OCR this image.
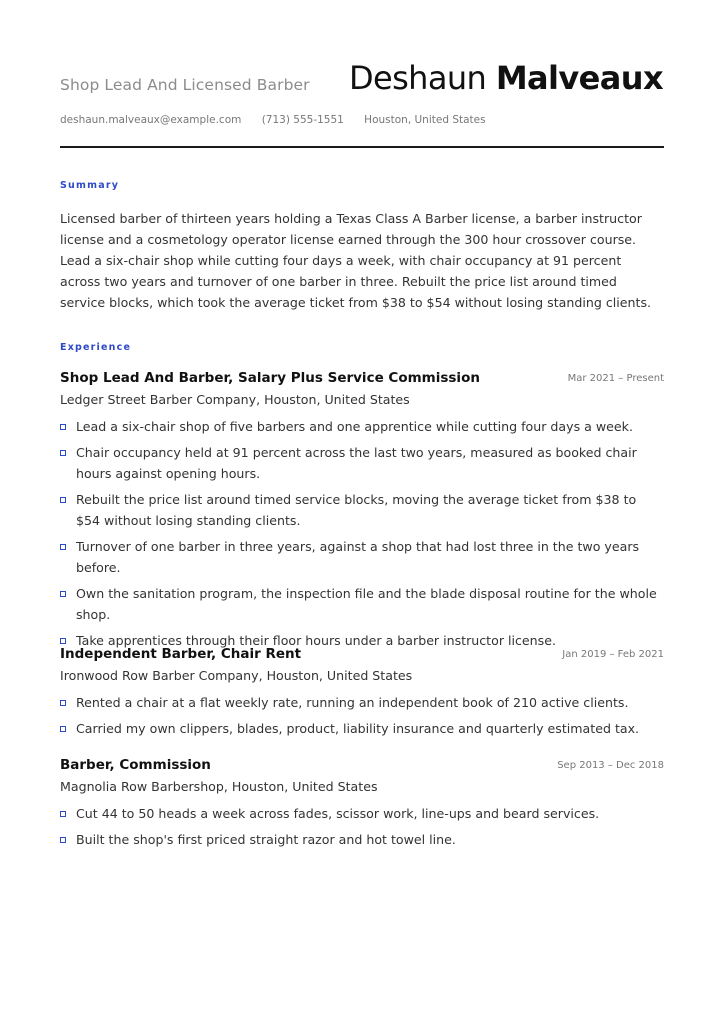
Shop Lead And Licensed Barber Deshaun Malveaux
deshaun.malveaux@example.com (713) 555-1551 Houston, United States
Summary
Licensed barber of thirteen years holding a Texas Class A Barber license, a barber instructor license and a cosmetology operator license earned through the 300 hour crossover course. Lead a six-chair shop while cutting four days a week, with chair occupancy at 91 percent across two years and turnover of one barber in three. Rebuilt the price list around timed service blocks, which took the average ticket from $38 to $54 without losing standing clients.
Experience
Shop Lead And Barber, Salary Plus Service Commission	Mar 2021 – Present
Ledger Street Barber Company, Houston, United States
Lead a six-chair shop of five barbers and one apprentice while cutting four days a week.
Chair occupancy held at 91 percent across the last two years, measured as booked chair hours against opening hours.
Rebuilt the price list around timed service blocks, moving the average ticket from $38 to $54 without losing standing clients.
Turnover of one barber in three years, against a shop that had lost three in the two years before.
Own the sanitation program, the inspection file and the blade disposal routine for the whole shop.
Take apprentices through their floor hours under a barber instructor license.
Independent Barber, Chair Rent	Jan 2019 – Feb 2021
Ironwood Row Barber Company, Houston, United States
Rented a chair at a flat weekly rate, running an independent book of 210 active clients.
Carried my own clippers, blades, product, liability insurance and quarterly estimated tax.
Barber, Commission	Sep 2013 – Dec 2018
Magnolia Row Barbershop, Houston, United States
Cut 44 to 50 heads a week across fades, scissor work, line-ups and beard services.
Built the shop's first priced straight razor and hot towel line.
